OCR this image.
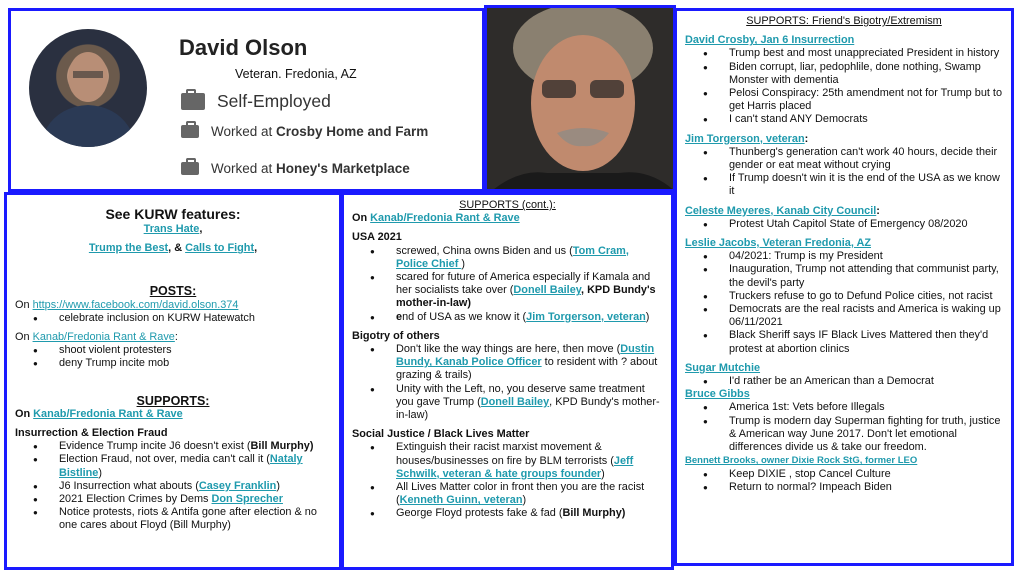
David Olson
Veteran. Fredonia, AZ
Self-Employed
Worked at Crosby Home and Farm
Worked at Honey's Marketplace

See KURW features:

Trans Hate,

Trump the Best, & Calls to Fight,

POSTS:

On https://www.facebook.com/david.olson.374

● celebrate inclusion on KURW Hatewatch

On Kanab/Fredonia Rant & Rave:

● shoot violent protesters
● deny Trump incite mob

SUPPORTS:

On Kanab/Fredonia Rant & Rave

Insurrection & Election Fraud

● Evidence Trump incite J6 doesn't exist (Bill Murphy)
● Election Fraud, not over, media can't call it (Nataly Bistline)
● J6 Insurrection what abouts (Casey Franklin)
● 2021 Election Crimes by Dems Don Sprecher
● Notice protests, riots & Antifa gone after election & no one cares about Floyd (Bill Murphy)

SUPPORTS (cont.):

On Kanab/Fredonia Rant & Rave

USA 2021

● screwed, China owns Biden and us (Tom Cram, Police Chief )
● scared for future of America especially if Kamala and her socialists take over (Donell Bailey, KPD Bundy's mother-in-law)
● end of USA as we know it (Jim Torgerson, veteran)

Bigotry of others

● Don't like the way things are here, then move (Dustin Bundy, Kanab Police Officer to resident with ? about grazing & trails)
● Unity with the Left, no, you deserve same treatment you gave Trump (Donell Bailey, KPD Bundy's mother-in-law)

Social Justice / Black Lives Matter

● Extinguish their racist marxist movement & houses/businesses on fire by BLM terrorists (Jeff Schwilk, veteran & hate groups founder)
● All Lives Matter color in front then you are the racist (Kenneth Guinn, veteran)
● George Floyd protests fake & fad (Bill Murphy)

SUPPORTS: Friend's Bigotry/Extremism

David Crosby, Jan 6 Insurrection

● Trump best and most unappreciated President in history
● Biden corrupt, liar, pedophlile, done nothing, Swamp Monster with dementia
● Pelosi Conspiracy: 25th amendment not for Trump but to get Harris placed
● I can't stand ANY Democrats

Jim Torgerson, veteran:

● Thunberg's generation can't work 40 hours, decide their gender or eat meat without crying
● If Trump doesn't win it is the end of the USA as we know it

Celeste Meyeres, Kanab City Council:

● Protest Utah Capitol State of Emergency 08/2020

Leslie Jacobs, Veteran Fredonia, AZ

● 04/2021: Trump is my President
● Inauguration, Trump not attending that communist party, the devil's party
● Truckers refuse to go to Defund Police cities, not racist
● Democrats are the real racists and America is waking up 06/11/2021
● Black Sheriff says IF Black Lives Mattered then they'd protest at abortion clinics

Sugar Mutchie

● I'd rather be an American than a Democrat

Bruce Gibbs

● America 1st: Vets before Illegals
● Trump is modern day Superman fighting for truth, justice & American way June 2017. Don't let emotional differences divide us & take our freedom.

Bennett Brooks, owner Dixie Rock StG, former LEO

● Keep DIXIE , stop Cancel Culture
● Return to normal? Impeach Biden
